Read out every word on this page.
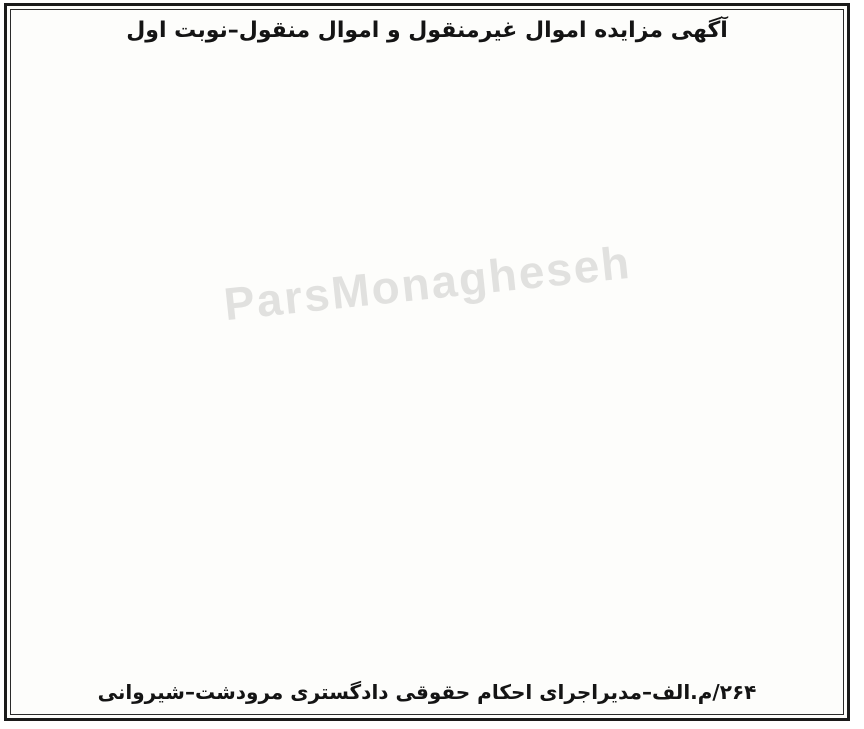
آگهی مزایده اموال غیرمنقول و اموال منقول–نوبت اول
ParsMonagheseh
۲۶۴/م.الف–مدیراجرای احکام حقوقی دادگستری مرودشت–شیروانی
